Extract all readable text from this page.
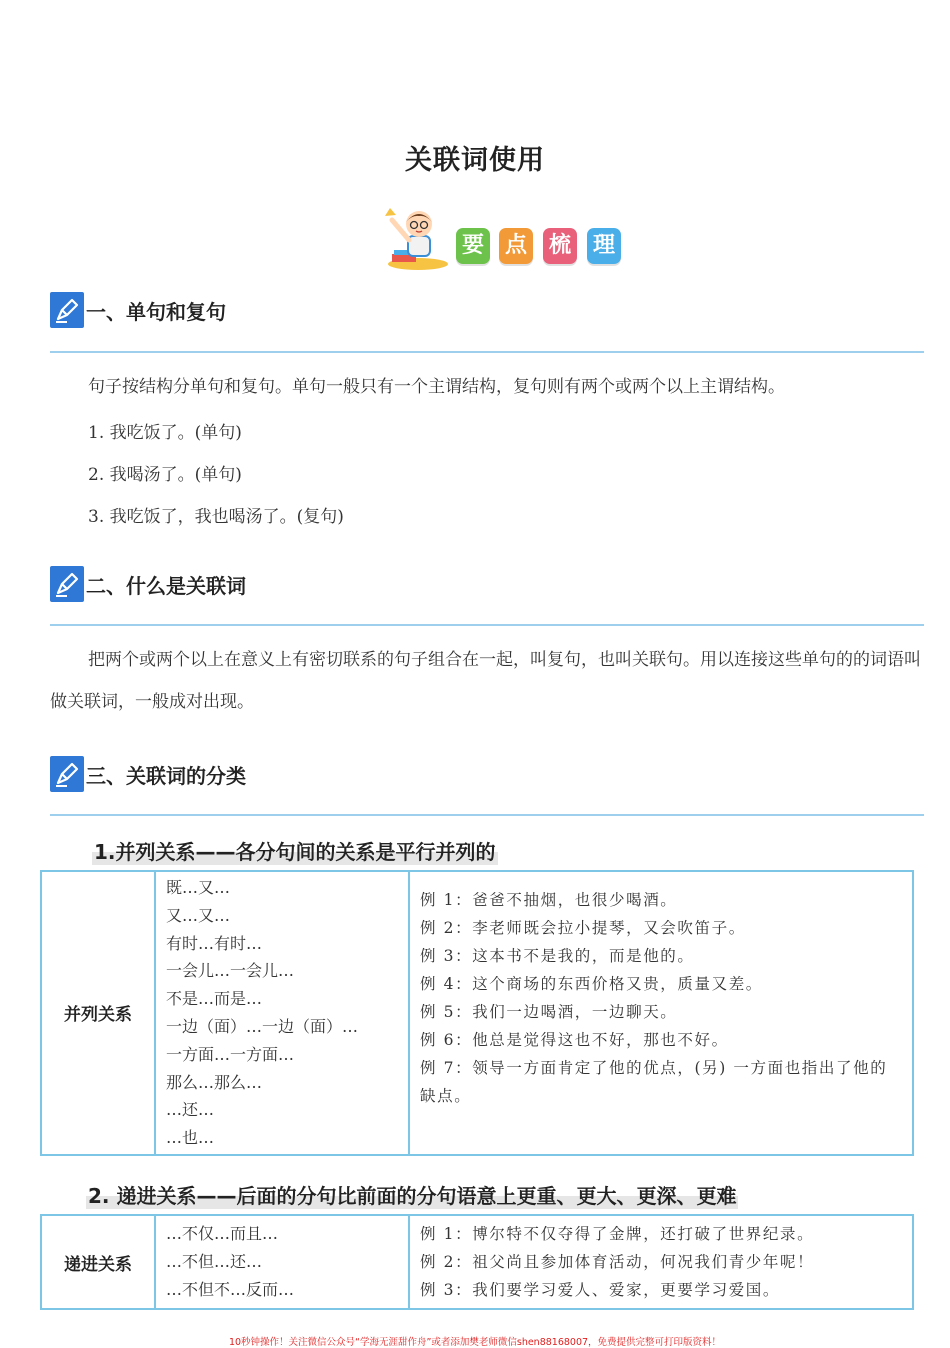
关联词使用
要 点 梳 理
一、单句和复句
句子按结构分单句和复句。单句一般只有一个主谓结构，复句则有两个或两个以上主谓结构。
1. 我吃饭了。(单句)
2. 我喝汤了。(单句)
3. 我吃饭了，我也喝汤了。(复句)
二、什么是关联词
把两个或两个以上在意义上有密切联系的句子组合在一起，叫复句，也叫关联句。用以连接这些单句的的词语叫做关联词，一般成对出现。
三、关联词的分类
1.并列关系——各分句间的关系是平行并列的
并列关系	
既…又…
又…又…
有时…有时…
一会儿…一会儿…
不是…而是…
一边（面）…一边（面）…
一方面…一方面…
那么…那么…
…还…
…也…

例 1：爸爸不抽烟，也很少喝酒。
例 2：李老师既会拉小提琴，又会吹笛子。
例 3：这本书不是我的，而是他的。
例 4：这个商场的东西价格又贵，质量又差。
例 5：我们一边喝酒，一边聊天。
例 6：他总是觉得这也不好，那也不好。
例 7：领导一方面肯定了他的优点，(另) 一方面也指出了他的缺点。
2. 递进关系——后面的分句比前面的分句语意上更重、更大、更深、更难
递进关系	
…不仅…而且…
…不但…还…
…不但不…反而…

例 1：博尔特不仅夺得了金牌，还打破了世界纪录。
例 2：祖父尚且参加体育活动，何况我们青少年呢！
例 3：我们要学习爱人、爱家，更要学习爱国。
10秒钟操作！关注微信公众号“学海无涯甜作舟”或者添加樊老师微信shen88168007，免费提供完整可打印版资料！
